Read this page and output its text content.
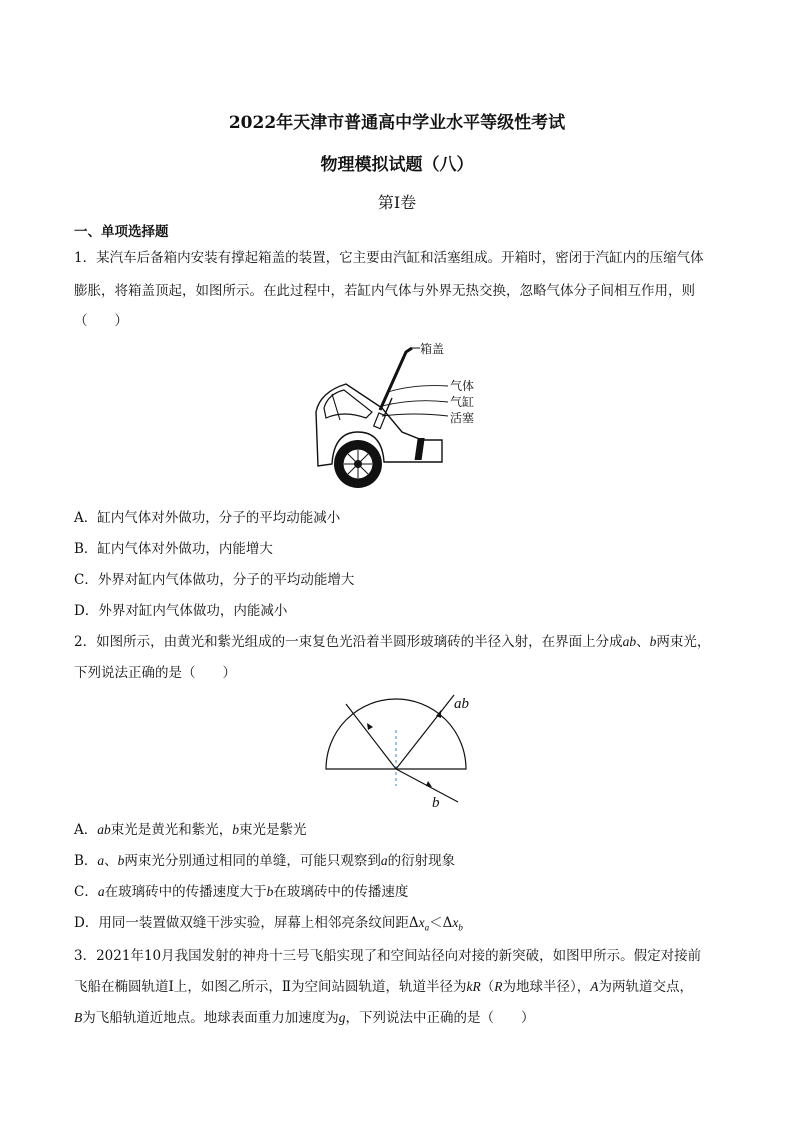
2022年天津市普通高中学业水平等级性考试
物理模拟试题（八）
第Ⅰ卷
一、单项选择题
1．某汽车后备箱内安装有撑起箱盖的装置，它主要由汽缸和活塞组成。开箱时，密闭于汽缸内的压缩气体
膨胀，将箱盖顶起，如图所示。在此过程中，若缸内气体与外界无热交换，忽略气体分子间相互作用，则
（　　）
箱盖
气体
气缸
活塞
A．缸内气体对外做功，分子的平均动能减小
B．缸内气体对外做功，内能增大
C．外界对缸内气体做功，分子的平均动能增大
D．外界对缸内气体做功，内能减小
2．如图所示，由黄光和紫光组成的一束复色光沿着半圆形玻璃砖的半径入射，在界面上分成ab、b两束光，
下列说法正确的是（　　）
ab
b
A．ab束光是黄光和紫光，b束光是紫光
B．a、b两束光分别通过相同的单缝，可能只观察到a的衍射现象
C．a在玻璃砖中的传播速度大于b在玻璃砖中的传播速度
D．用同一装置做双缝干涉实验，屏幕上相邻亮条纹间距$\Delta x_a<\Delta x_b$
3．2021年10月我国发射的神舟十三号飞船实现了和空间站径向对接的新突破，如图甲所示。假定对接前
飞船在椭圆轨道Ⅰ上，如图乙所示，Ⅱ为空间站圆轨道，轨道半径为kR（R为地球半径），A为两轨道交点，
B为飞船轨道近地点。地球表面重力加速度为g，下列说法中正确的是（　　）
